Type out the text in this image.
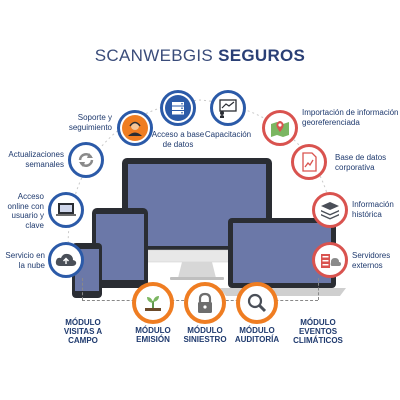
SCANWEBGIS SEGUROS
Soporte y seguimiento
Actualizaciones semanales
Acceso online con usuario y clave
Servicio en la nube
Acceso a base de datos
Capacitación
Importación de información georeferenciada
Base de datos corporativa
Información histórica
Servidores externos
MÓDULO VISITAS A CAMPO
MÓDULO EMISIÓN
MÓDULO SINIESTRO
MÓDULO AUDITORÍA
MÓDULO EVENTOS CLIMÁTICOS
